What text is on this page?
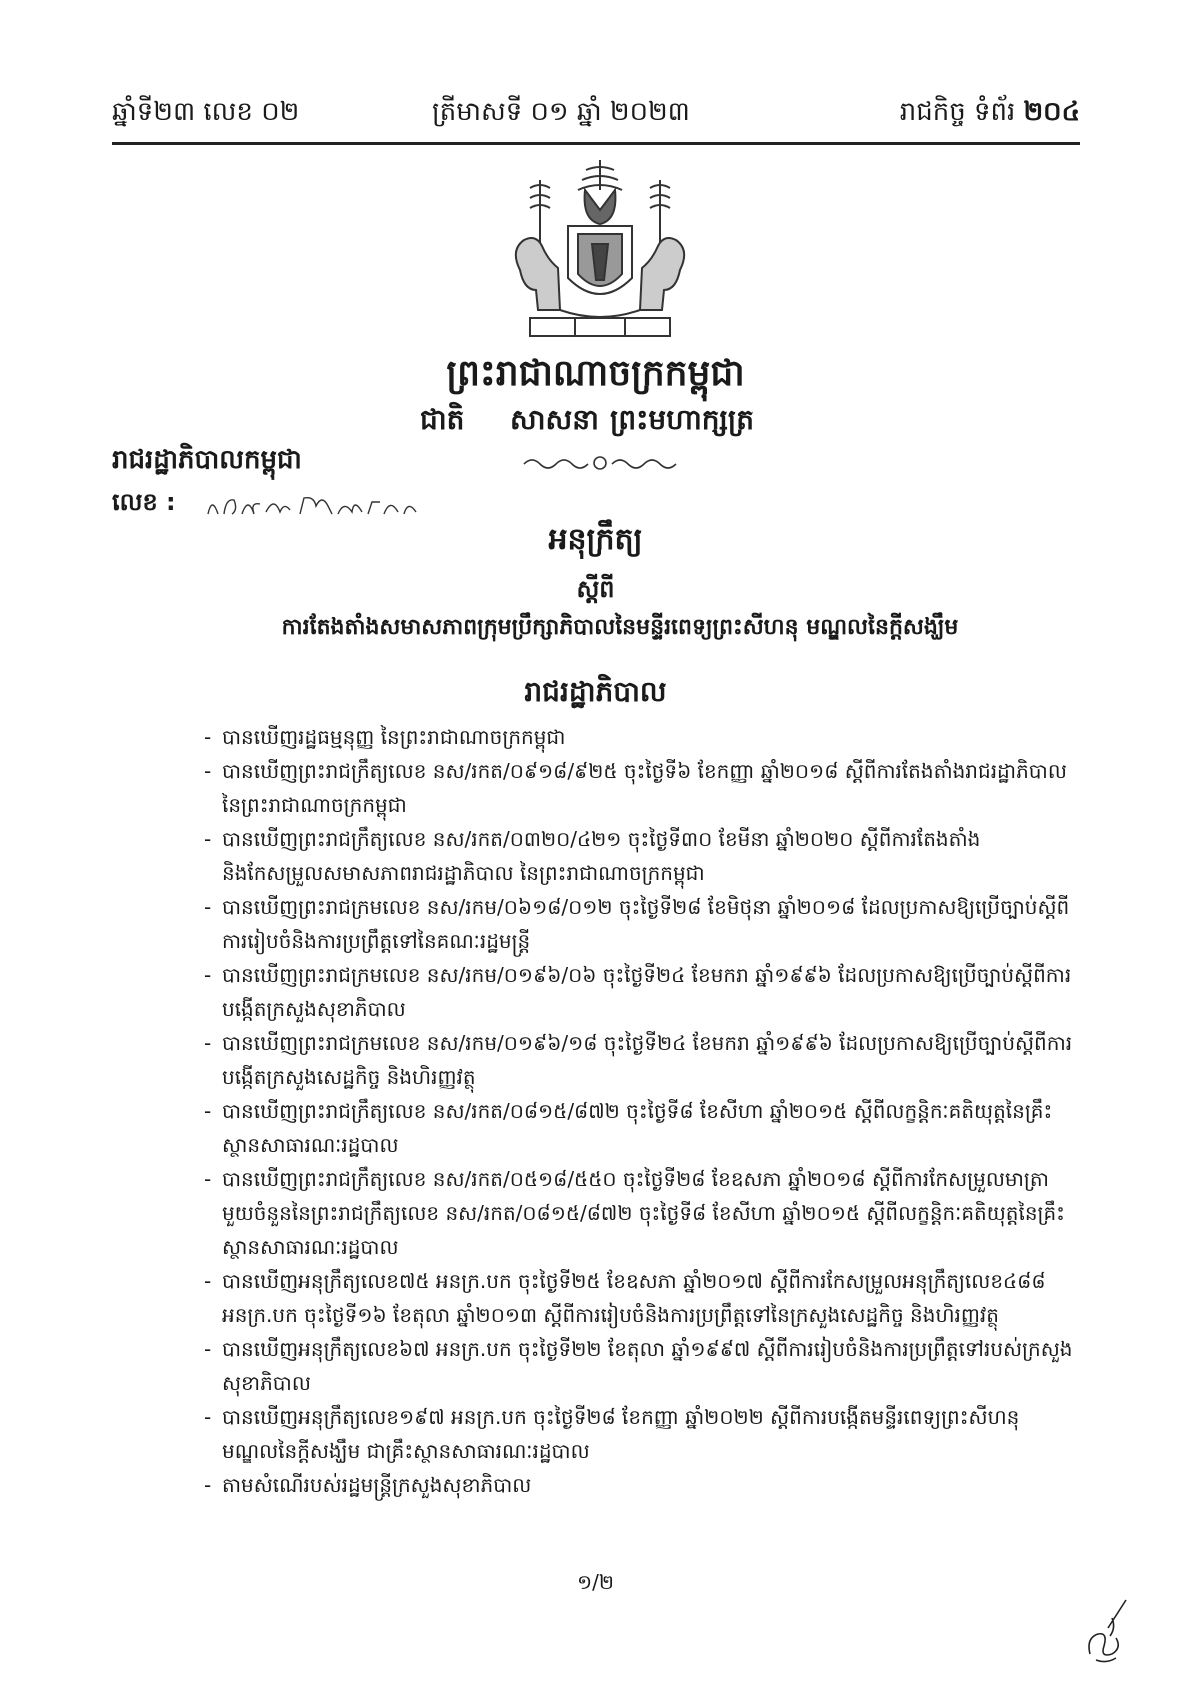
ឆ្នាំទី២៣ លេខ ០២	ត្រីមាសទី ០១ ឆ្នាំ ២០២៣	រាជកិច្ច ទំព័រ ២០៤
ព្រះរាជាណាចក្រកម្ពុជា
ជាតិ សាសនា ព្រះមហាក្សត្រ
រាជរដ្ឋាភិបាលកម្ពុជា
លេខ :
អនុក្រឹត្យ
ស្តីពី
ការតែងតាំងសមាសភាពក្រុមប្រឹក្សាភិបាលនៃមន្ទីរពេទ្យព្រះសីហនុ មណ្ឌលនៃក្តីសង្ឃឹម
រាជរដ្ឋាភិបាល
- បានឃើញរដ្ឋធម្មនុញ្ញ នៃព្រះរាជាណាចក្រកម្ពុជា
- បានឃើញព្រះរាជក្រឹត្យលេខ នស/រកត/០៩១៨/៩២៥ ចុះថ្ងៃទី៦ ខែកញ្ញា ឆ្នាំ២០១៨ ស្តីពីការតែងតាំងរាជរដ្ឋាភិបាល នៃព្រះរាជាណាចក្រកម្ពុជា
- បានឃើញព្រះរាជក្រឹត្យលេខ នស/រកត/០៣២០/៤២១ ចុះថ្ងៃទី៣០ ខែមីនា ឆ្នាំ២០២០ ស្តីពីការតែងតាំង និងកែសម្រួលសមាសភាពរាជរដ្ឋាភិបាល នៃព្រះរាជាណាចក្រកម្ពុជា
- បានឃើញព្រះរាជក្រមលេខ នស/រកម/០៦១៨/០១២ ចុះថ្ងៃទី២៨ ខែមិថុនា ឆ្នាំ២០១៨ ដែលប្រកាសឱ្យប្រើច្បាប់ស្តីពីការរៀបចំនិងការប្រព្រឹត្តទៅនៃគណៈរដ្ឋមន្ត្រី
- បានឃើញព្រះរាជក្រមលេខ នស/រកម/០១៩៦/០៦ ចុះថ្ងៃទី២៤ ខែមករា ឆ្នាំ១៩៩៦ ដែលប្រកាសឱ្យប្រើច្បាប់ស្តីពីការបង្កើតក្រសួងសុខាភិបាល
- បានឃើញព្រះរាជក្រមលេខ នស/រកម/០១៩៦/១៨ ចុះថ្ងៃទី២៤ ខែមករា ឆ្នាំ១៩៩៦ ដែលប្រកាសឱ្យប្រើច្បាប់ស្តីពីការបង្កើតក្រសួងសេដ្ឋកិច្ច និងហិរញ្ញវត្ថុ
- បានឃើញព្រះរាជក្រឹត្យលេខ នស/រកត/០៨១៥/៨៧២ ចុះថ្ងៃទី៨ ខែសីហា ឆ្នាំ២០១៥ ស្តីពីលក្ខន្តិកៈគតិយុត្តនៃគ្រឹះស្ថានសាធារណៈរដ្ឋបាល
- បានឃើញព្រះរាជក្រឹត្យលេខ នស/រកត/០៥១៨/៥៥០ ចុះថ្ងៃទី២៨ ខែឧសភា ឆ្នាំ២០១៨ ស្តីពីការកែសម្រួលមាត្រាមួយចំនួននៃព្រះរាជក្រឹត្យលេខ នស/រកត/០៨១៥/៨៧២ ចុះថ្ងៃទី៨ ខែសីហា ឆ្នាំ២០១៥ ស្តីពីលក្ខន្តិកៈគតិយុត្តនៃគ្រឹះស្ថានសាធារណៈរដ្ឋបាល
- បានឃើញអនុក្រឹត្យលេខ៧៥ អនក្រ.បក ចុះថ្ងៃទី២៥ ខែឧសភា ឆ្នាំ២០១៧ ស្តីពីការកែសម្រួលអនុក្រឹត្យលេខ៤៨៨ អនក្រ.បក ចុះថ្ងៃទី១៦ ខែតុលា ឆ្នាំ២០១៣ ស្តីពីការរៀបចំនិងការប្រព្រឹត្តទៅនៃក្រសួងសេដ្ឋកិច្ច និងហិរញ្ញវត្ថុ
- បានឃើញអនុក្រឹត្យលេខ៦៧ អនក្រ.បក ចុះថ្ងៃទី២២ ខែតុលា ឆ្នាំ១៩៩៧ ស្តីពីការរៀបចំនិងការប្រព្រឹត្តទៅរបស់ក្រសួងសុខាភិបាល
- បានឃើញអនុក្រឹត្យលេខ១៩៧ អនក្រ.បក ចុះថ្ងៃទី២៨ ខែកញ្ញា ឆ្នាំ២០២២ ស្តីពីការបង្កើតមន្ទីរពេទ្យព្រះសីហនុ មណ្ឌលនៃក្តីសង្ឃឹម ជាគ្រឹះស្ថានសាធារណៈរដ្ឋបាល
- តាមសំណើរបស់រដ្ឋមន្ត្រីក្រសួងសុខាភិបាល
១/២
